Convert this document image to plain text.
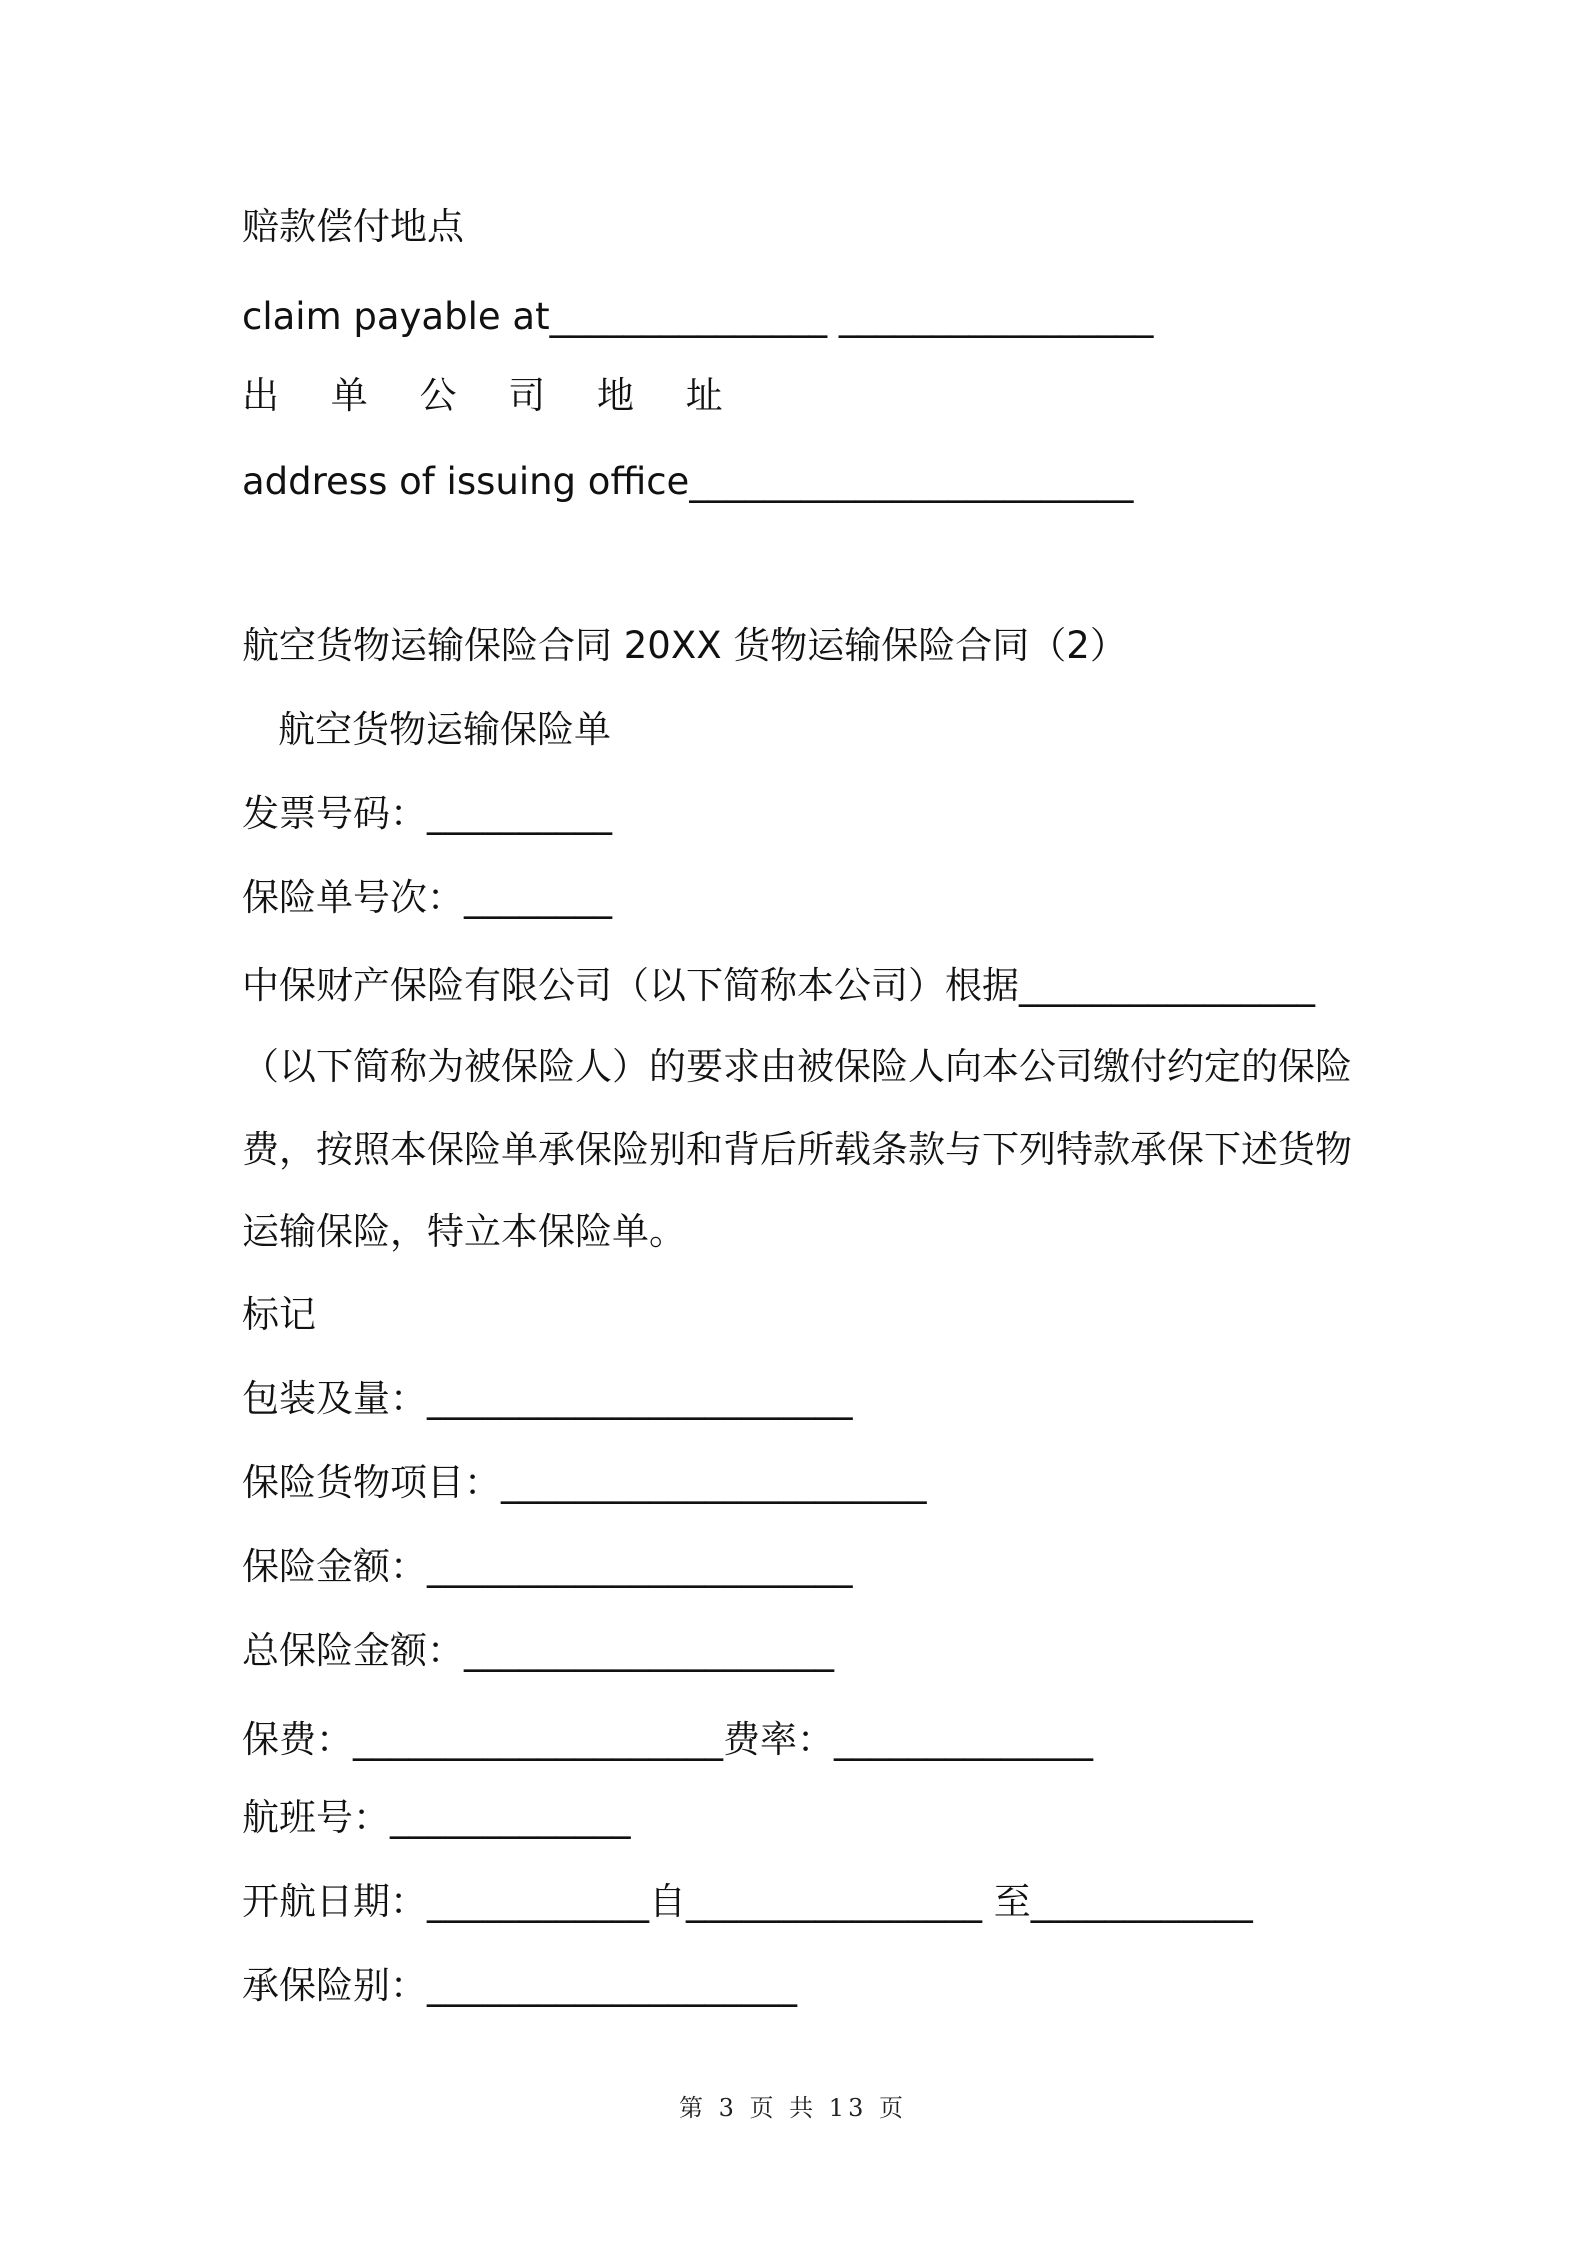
赔款偿付地点
claim payable at_______________ _________________
出 单 公 司 地 址
address of issuing office________________________
航空货物运输保险合同 20XX 货物运输保险合同（2）
航空货物运输保险单
发票号码：__________
保险单号次：________
中保财产保险有限公司（以下简称本公司）根据________________
（以下简称为被保险人）的要求由被保险人向本公司缴付约定的保险
费，按照本保险单承保险别和背后所载条款与下列特款承保下述货物
运输保险，特立本保险单。
标记
包装及量：_______________________
保险货物项目：_______________________
保险金额：_______________________
总保险金额：____________________
保费：____________________费率：______________
航班号：_____________
开航日期：____________自________________ 至____________
承保险别：____________________
第 3 页 共 13 页
